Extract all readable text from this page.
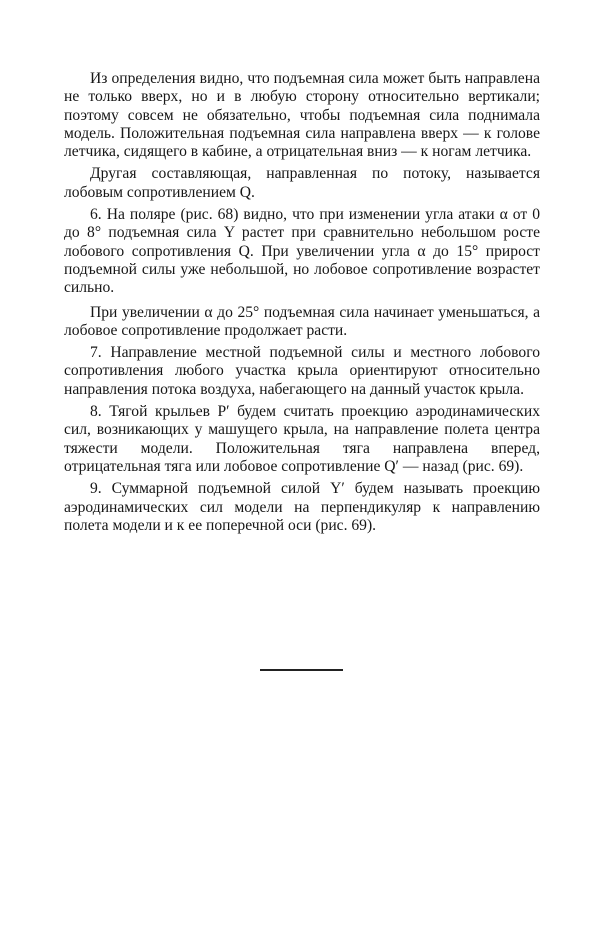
Из определения видно, что подъемная сила может быть направлена не только вверх, но и в любую сторону относительно вертикали; поэтому совсем не обязательно, чтобы подъемная сила поднимала модель. Положительная подъемная сила направлена вверх — к голове летчика, сидящего в кабине, а отрицательная вниз — к ногам летчика.

Другая составляющая, направленная по потоку, называется лобовым сопротивлением Q.

6. На поляре (рис. 68) видно, что при изменении угла атаки α от 0 до 8° подъемная сила Y растет при сравнительно небольшом росте лобового сопротивления Q. При увеличении угла α до 15° прирост подъемной силы уже небольшой, но лобовое сопротивление возрастет сильно.

При увеличении α до 25° подъемная сила начинает уменьшаться, а лобовое сопротивление продолжает расти.

7. Направление местной подъемной силы и местного лобового сопротивления любого участка крыла ориентируют относительно направления потока воздуха, набегающего на данный участок крыла.

8. Тягой крыльев P′ будем считать проекцию аэродинамических сил, возникающих у машущего крыла, на направление полета центра тяжести модели. Положительная тяга направлена вперед, отрицательная тяга или лобовое сопротивление Q′ — назад (рис. 69).

9. Суммарной подъемной силой Y′ будем называть проекцию аэродинамических сил модели на перпендикуляр к направлению полета модели и к ее поперечной оси (рис. 69).
